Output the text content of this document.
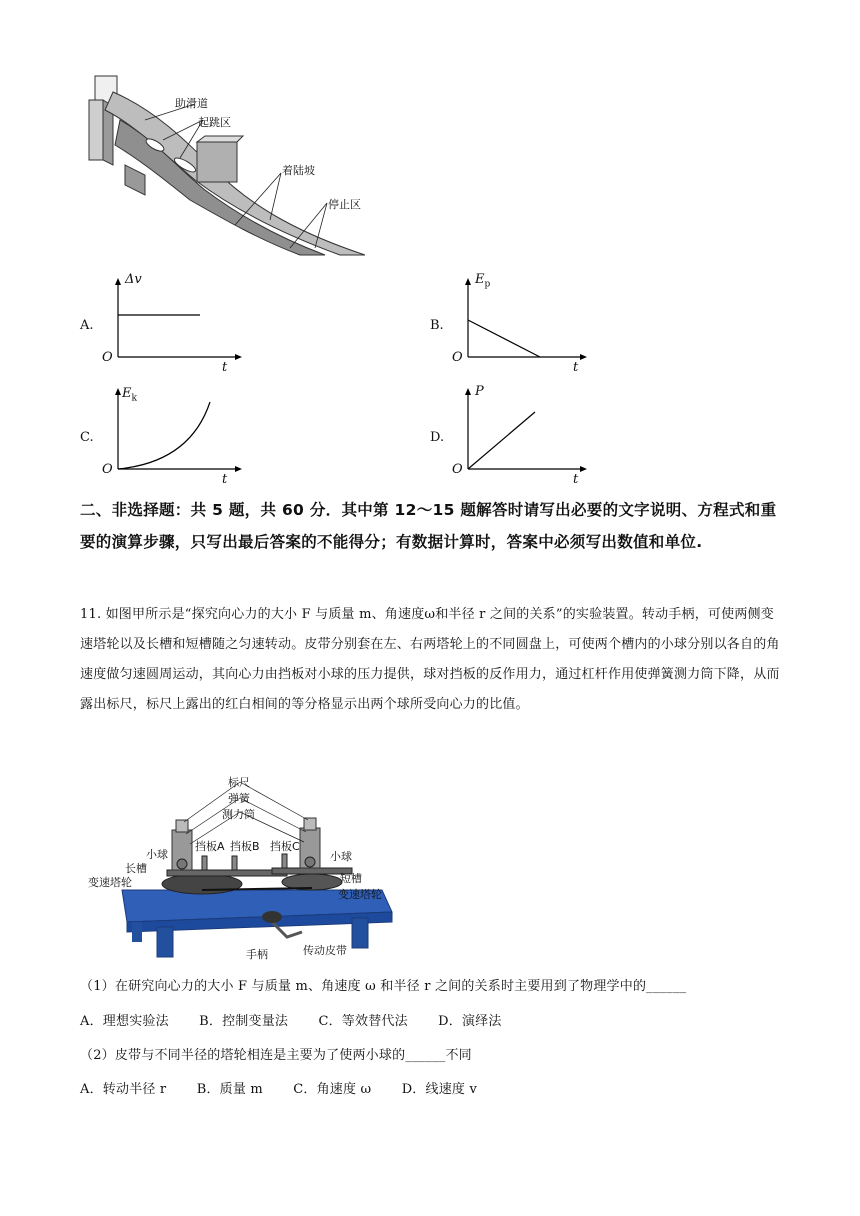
助滑道
起跳区
着陆坡
停止区
A.
Δv
t
O
B.
$E_p$
t
O
C.
$E_k$
t
O
D.
P
t
O
二、非选择题：共 5 题，共 60 分．其中第 12～15 题解答时请写出必要的文字说明、方程式和重要的演算步骤，只写出最后答案的不能得分；有数据计算时，答案中必须写出数值和单位.

11. 如图甲所示是“探究向心力的大小 F 与质量 m、角速度ω和半径 r 之间的关系”的实验装置。转动手柄，可使两侧变速塔轮以及长槽和短槽随之匀速转动。皮带分别套在左、右两塔轮上的不同圆盘上，可使两个槽内的小球分别以各自的角速度做匀速圆周运动，其向心力由挡板对小球的压力提供，球对挡板的反作用力，通过杠杆作用使弹簧测力筒下降，从而露出标尺，标尺上露出的红白相间的等分格显示出两个球所受向心力的比值。

标尺
弹簧
测力筒
挡板A 挡板B 挡板C
小球	小球
长槽
短槽
变速塔轮
变速塔轮
手柄	传动皮带
（1）在研究向心力的大小 F 与质量 m、角速度 ω 和半径 r 之间的关系时主要用到了物理学中的______
A．理想实验法 B．控制变量法 C．等效替代法 D．演绎法
（2）皮带与不同半径的塔轮相连是主要为了使两小球的______不同
A．转动半径 r B．质量 m C．角速度 ω D．线速度 v
